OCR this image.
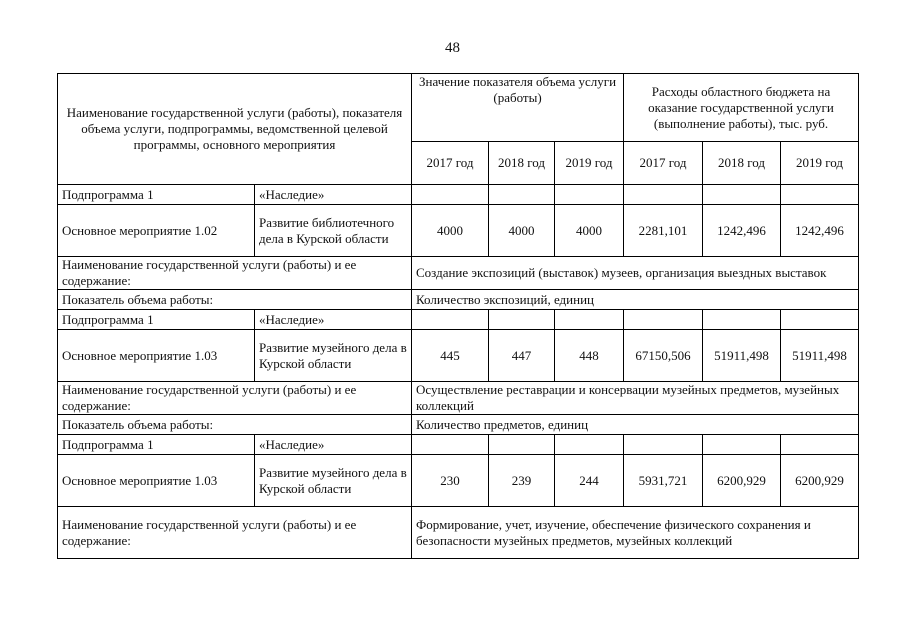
48
Наименование государственной услуги (работы), показателя объема услуги, подпрограммы, ведомственной целевой программы, основного мероприятия		Значение показателя объема услуги (работы)			Расходы областного бюджета на оказание государственной услуги (выполнение работы), тыс. руб.		
		2017 год	2018 год	2019 год	2017 год	2018 год	2019 год
Подпрограмма 1	«Наследие»						
Основное мероприятие 1.02	Развитие библиотечного дела в Курской области	4000	4000	4000	2281,101	1242,496	1242,496
Наименование государственной услуги (работы) и ее содержание:		Создание экспозиций (выставок) музеев, организация выездных выставок					
Показатель объема работы:		Количество экспозиций, единиц					
Подпрограмма 1	«Наследие»						
Основное мероприятие 1.03	Развитие музейного дела в Курской области	445	447	448	67150,506	51911,498	51911,498
Наименование государственной услуги (работы) и ее содержание:		Осуществление реставрации и консервации музейных предметов, музейных коллекций					
Показатель объема работы:		Количество предметов, единиц					
Подпрограмма 1	«Наследие»						
Основное мероприятие 1.03	Развитие музейного дела в Курской области	230	239	244	5931,721	6200,929	6200,929
Наименование государственной услуги (работы) и ее содержание:		Формирование, учет, изучение, обеспечение физического сохранения и безопасности музейных предметов, музейных коллекций					
